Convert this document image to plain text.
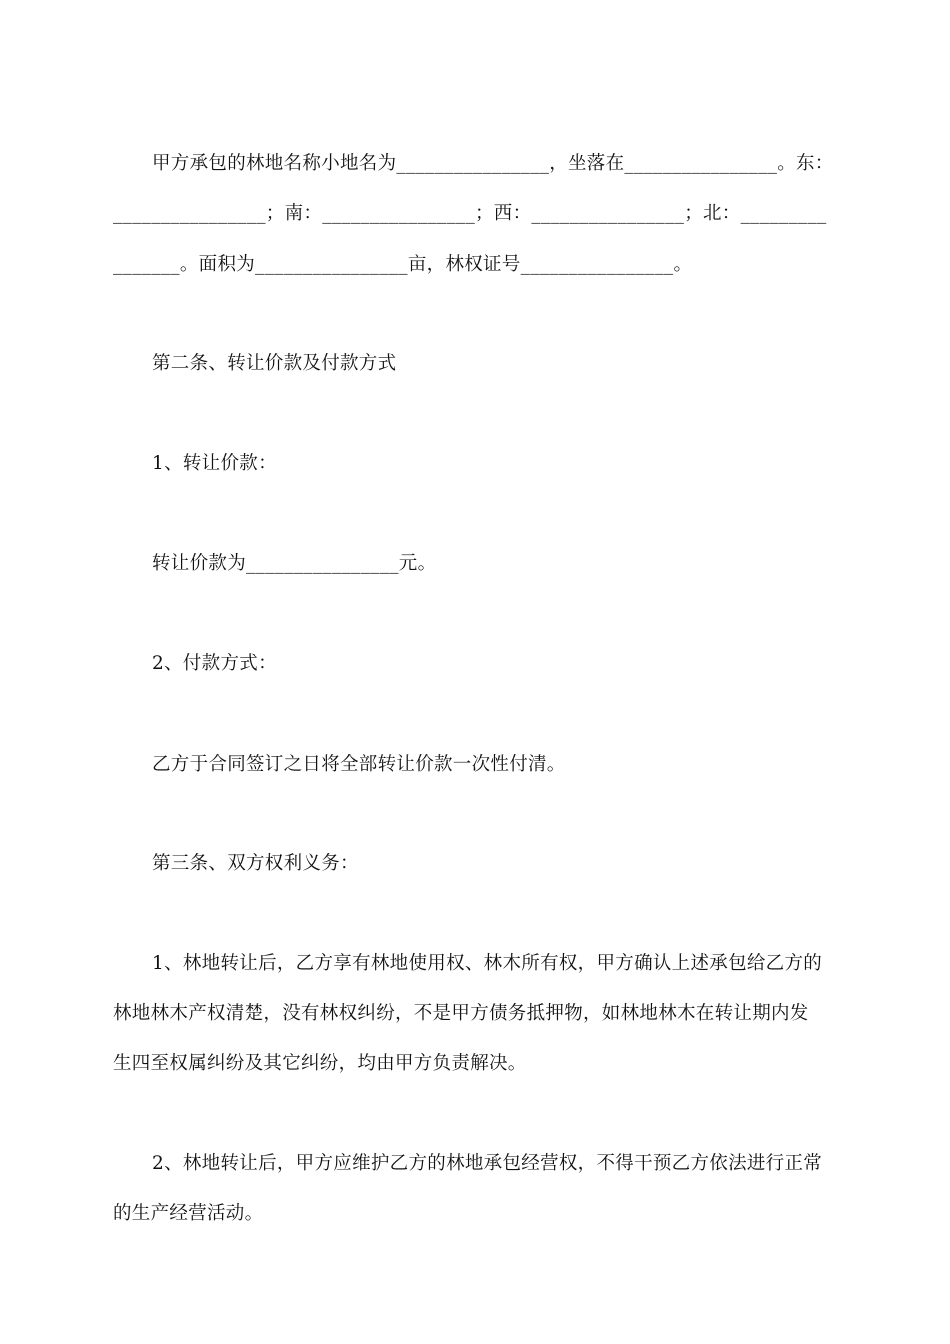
甲方承包的林地名称小地名为________________，坐落在________________。东：
________________；南：________________；西：________________；北：_________
_______。面积为________________亩，林权证号________________。
第二条、转让价款及付款方式
1、转让价款：
转让价款为________________元。
2、付款方式：
乙方于合同签订之日将全部转让价款一次性付清。
第三条、双方权利义务：
1、林地转让后，乙方享有林地使用权、林木所有权，甲方确认上述承包给乙方的
林地林木产权清楚，没有林权纠纷，不是甲方债务抵押物，如林地林木在转让期内发
生四至权属纠纷及其它纠纷，均由甲方负责解决。
2、林地转让后，甲方应维护乙方的林地承包经营权，不得干预乙方依法进行正常
的生产经营活动。
